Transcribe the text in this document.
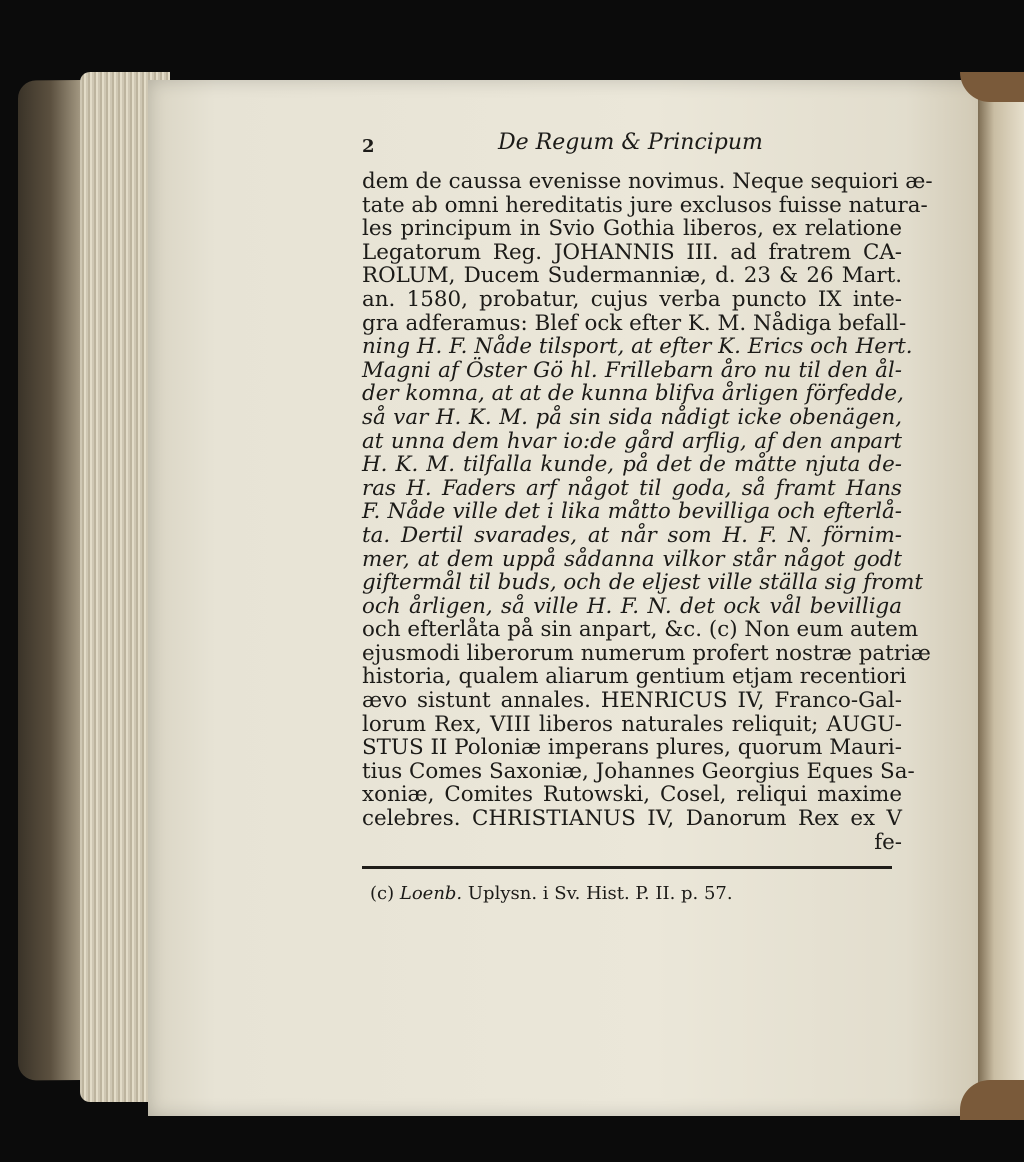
2	De Regum & Principum
dem de caussa evenisse novimus. Neque sequiori æ-
tate ab omni hereditatis jure exclusos fuisse natura-
les principum in Svio Gothia liberos, ex relatione
Legatorum Reg. JOHANNIS III. ad fratrem CA-
ROLUM, Ducem Sudermanniæ, d. 23 & 26 Mart.
an. 1580, probatur, cujus verba puncto IX inte-
gra adferamus: Blef ock efter K. M. Nådiga befall-
ning H. F. Nåde tilsport, at efter K. Erics och Hert.
Magni af Öster Gö hl. Frillebarn åro nu til den ål-
der komna, at at de kunna blifva årligen förfedde,
så var H. K. M. på sin sida nådigt icke obenägen,
at unna dem hvar io:de gård arflig, af den anpart
H. K. M. tilfalla kunde, på det de måtte njuta de-
ras H. Faders arf något til goda, så framt Hans
F. Nåde ville det i lika måtto bevilliga och efterlå-
ta. Dertil svarades, at når som H. F. N. förnim-
mer, at dem uppå sådanna vilkor står något godt
giftermål til buds, och de eljest ville ställa sig fromt
och årligen, så ville H. F. N. det ock vål bevilliga
och efterlåta på sin anpart, &c. (c) Non eum autem
ejusmodi liberorum numerum profert nostræ patriæ
historia, qualem aliarum gentium etjam recentiori
ævo sistunt annales. HENRICUS IV, Franco-Gal-
lorum Rex, VIII liberos naturales reliquit; AUGU-
STUS II Poloniæ imperans plures, quorum Mauri-
tius Comes Saxoniæ, Johannes Georgius Eques Sa-
xoniæ, Comites Rutowski, Cosel, reliqui maxime
celebres. CHRISTIANUS IV, Danorum Rex ex V
fe-
(c) Loenb. Uplysn. i Sv. Hist. P. II. p. 57.
